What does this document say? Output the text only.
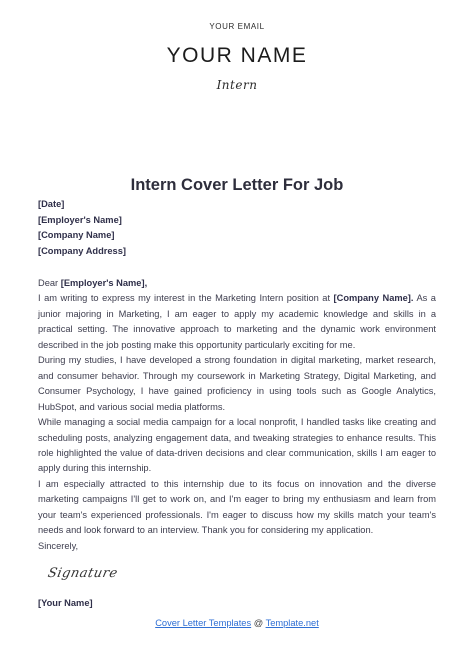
YOUR EMAIL
YOUR NAME
Intern
Intern Cover Letter For Job
[Date]
[Employer's Name]
[Company Name]
[Company Address]

Dear [Employer's Name],

I am writing to express my interest in the Marketing Intern position at [Company Name]. As a junior majoring in Marketing, I am eager to apply my academic knowledge and skills in a practical setting. The innovative approach to marketing and the dynamic work environment described in the job posting make this opportunity particularly exciting for me.

During my studies, I have developed a strong foundation in digital marketing, market research, and consumer behavior. Through my coursework in Marketing Strategy, Digital Marketing, and Consumer Psychology, I have gained proficiency in using tools such as Google Analytics, HubSpot, and various social media platforms.

While managing a social media campaign for a local nonprofit, I handled tasks like creating and scheduling posts, analyzing engagement data, and tweaking strategies to enhance results. This role highlighted the value of data-driven decisions and clear communication, skills I am eager to apply during this internship.

I am especially attracted to this internship due to its focus on innovation and the diverse marketing campaigns I'll get to work on, and I'm eager to bring my enthusiasm and learn from your team's experienced professionals. I'm eager to discuss how my skills match your team's needs and look forward to an interview. Thank you for considering my application.

Sincerely,

Signature
[Your Name]
Cover Letter Templates @ Template.net
